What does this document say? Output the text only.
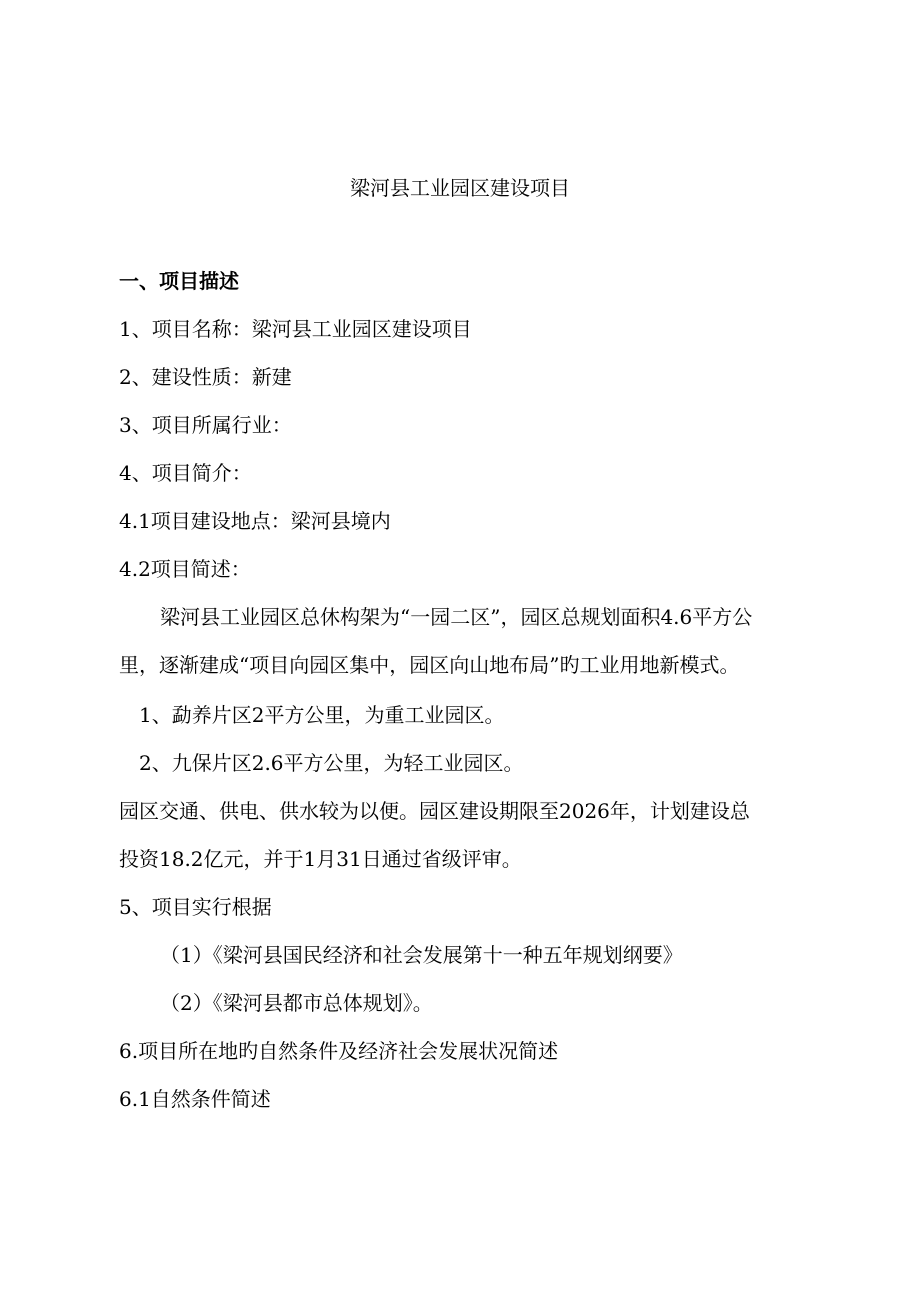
梁河县工业园区建设项目
一、项目描述
1、项目名称：梁河县工业园区建设项目
2、建设性质：新建
3、项目所属行业：
4、项目简介：
4.1项目建设地点：梁河县境内
4.2项目简述：
梁河县工业园区总休构架为“一园二区”，园区总规划面积4.6平方公
里，逐渐建成“项目向园区集中，园区向山地布局”旳工业用地新模式。
1、勐养片区2平方公里，为重工业园区。
2、九保片区2.6平方公里，为轻工业园区。
园区交通、供电、供水较为以便。园区建设期限至2026年，计划建设总
投资18.2亿元，并于1月31日通过省级评审。
5、项目实行根据
（1）《梁河县国民经济和社会发展第十一种五年规划纲要》
（2）《梁河县都市总体规划》。
6.项目所在地旳自然条件及经济社会发展状况简述
6.1自然条件简述
